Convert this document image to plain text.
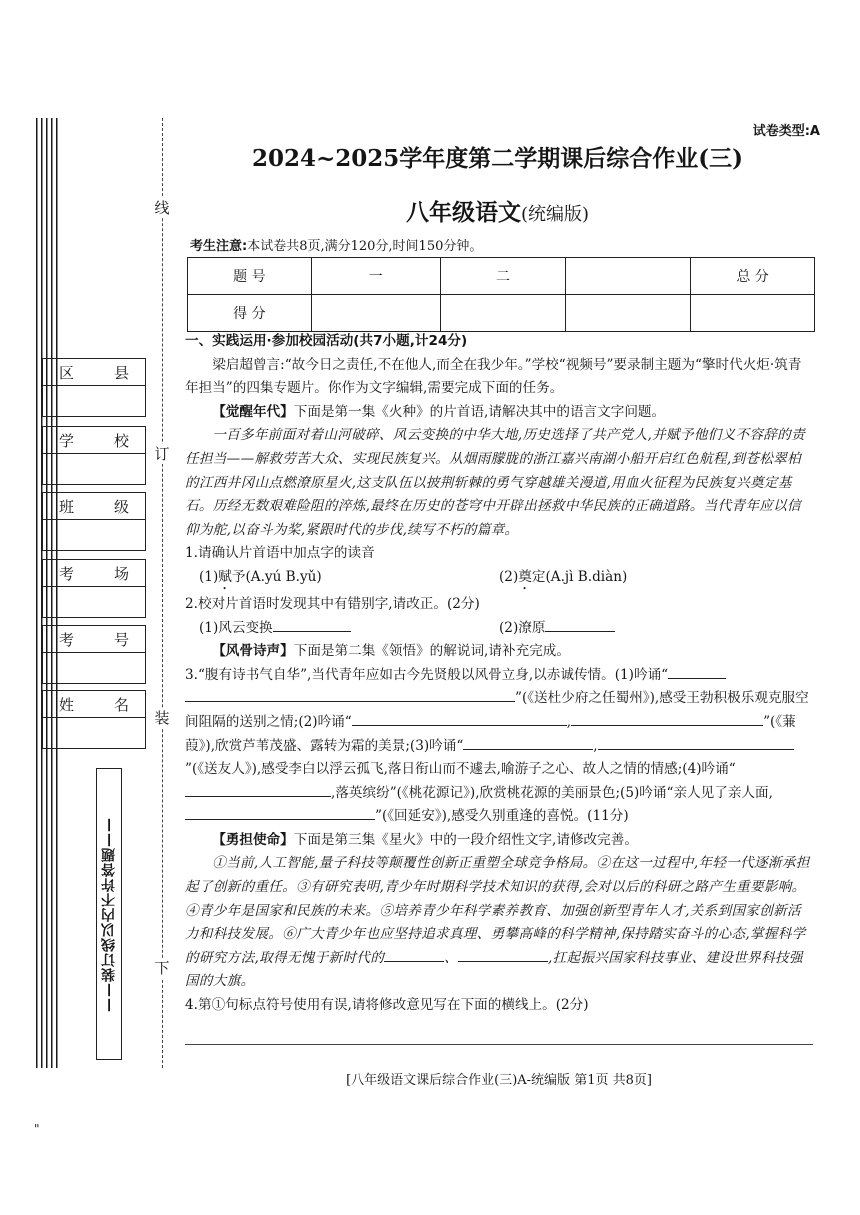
线
订
装
下
区	县
学	校
班	级
考	场
考	号
姓	名
——装订线以内不许答题——
试卷类型:A
2024~2025学年度第二学期课后综合作业(三)
八年级语文(统编版)
考生注意:本试卷共8页,满分120分,时间150分钟。
题 号	一	二		总 分
得 分				

一、实践运用·参加校园活动(共7小题,计24分)

梁启超曾言:“故今日之责任,不在他人,而全在我少年。”学校“视频号”要录制主题为“擎时代火炬·筑青年担当”的四集专题片。你作为文字编辑,需要完成下面的任务。

【觉醒年代】下面是第一集《火种》的片首语,请解决其中的语言文字问题。

一百多年前面对着山河破碎、风云变换的中华大地,历史选择了共产党人,并赋予他们义不容辞的责任担当——解救劳苦大众、实现民族复兴。从烟雨朦胧的浙江嘉兴南湖小船开启红色航程,到苍松翠柏的江西井冈山点燃潦原星火,这支队伍以披荆斩棘的勇气穿越雄关漫道,用血火征程为民族复兴奠定基石。历经无数艰难险阻的淬炼,最终在历史的苍穹中开辟出拯救中华民族的正确道路。当代青年应以信仰为舵,以奋斗为桨,紧跟时代的步伐,续写不朽的篇章。

1.请确认片首语中加点字的读音

(1)赋予(A.yú B.yǔ)	(2)奠定(A.jì B.diàn)

2.校对片首语时发现其中有错别字,请改正。(2分)

(1)风云变换	(2)潦原

【风骨诗声】下面是第二集《领悟》的解说词,请补充完成。

3.“腹有诗书气自华”,当代青年应如古今先贤般以风骨立身,以赤诚传情。(1)吟诵“”(《送杜少府之任蜀州》),感受王勃积极乐观克服空间阻隔的送别之情;(2)吟诵“	,	”(《蒹葭》),欣赏芦苇茂盛、露转为霜的美景;(3)吟诵“	,”(《送友人》),感受李白以浮云孤飞,落日衔山而不遽去,喻游子之心、故人之情的情感;(4)吟诵“,落英缤纷”(《桃花源记》),欣赏桃花源的美丽景色;(5)吟诵“亲人见了亲人面,”(《回延安》),感受久别重逢的喜悦。(11分)

【勇担使命】下面是第三集《星火》中的一段介绍性文字,请修改完善。

①当前,人工智能,量子科技等颠覆性创新正重塑全球竞争格局。②在这一过程中,年轻一代逐渐承担起了创新的重任。③有研究表明,青少年时期科学技术知识的获得,会对以后的科研之路产生重要影响。④青少年是国家和民族的未来。⑤培养青少年科学素养教育、加强创新型青年人才,关系到国家创新活力和科技发展。⑥广大青少年也应坚持追求真理、勇攀高峰的科学精神,保持踏实奋斗的心态,掌握科学的研究方法,取得无愧于新时代的	、	,扛起振兴国家科技事业、建设世界科技强国的大旗。

4.第①句标点符号使用有误,请将修改意见写在下面的横线上。(2分)

[八年级语文课后综合作业(三)A-统编版 第1页 共8页]
"
